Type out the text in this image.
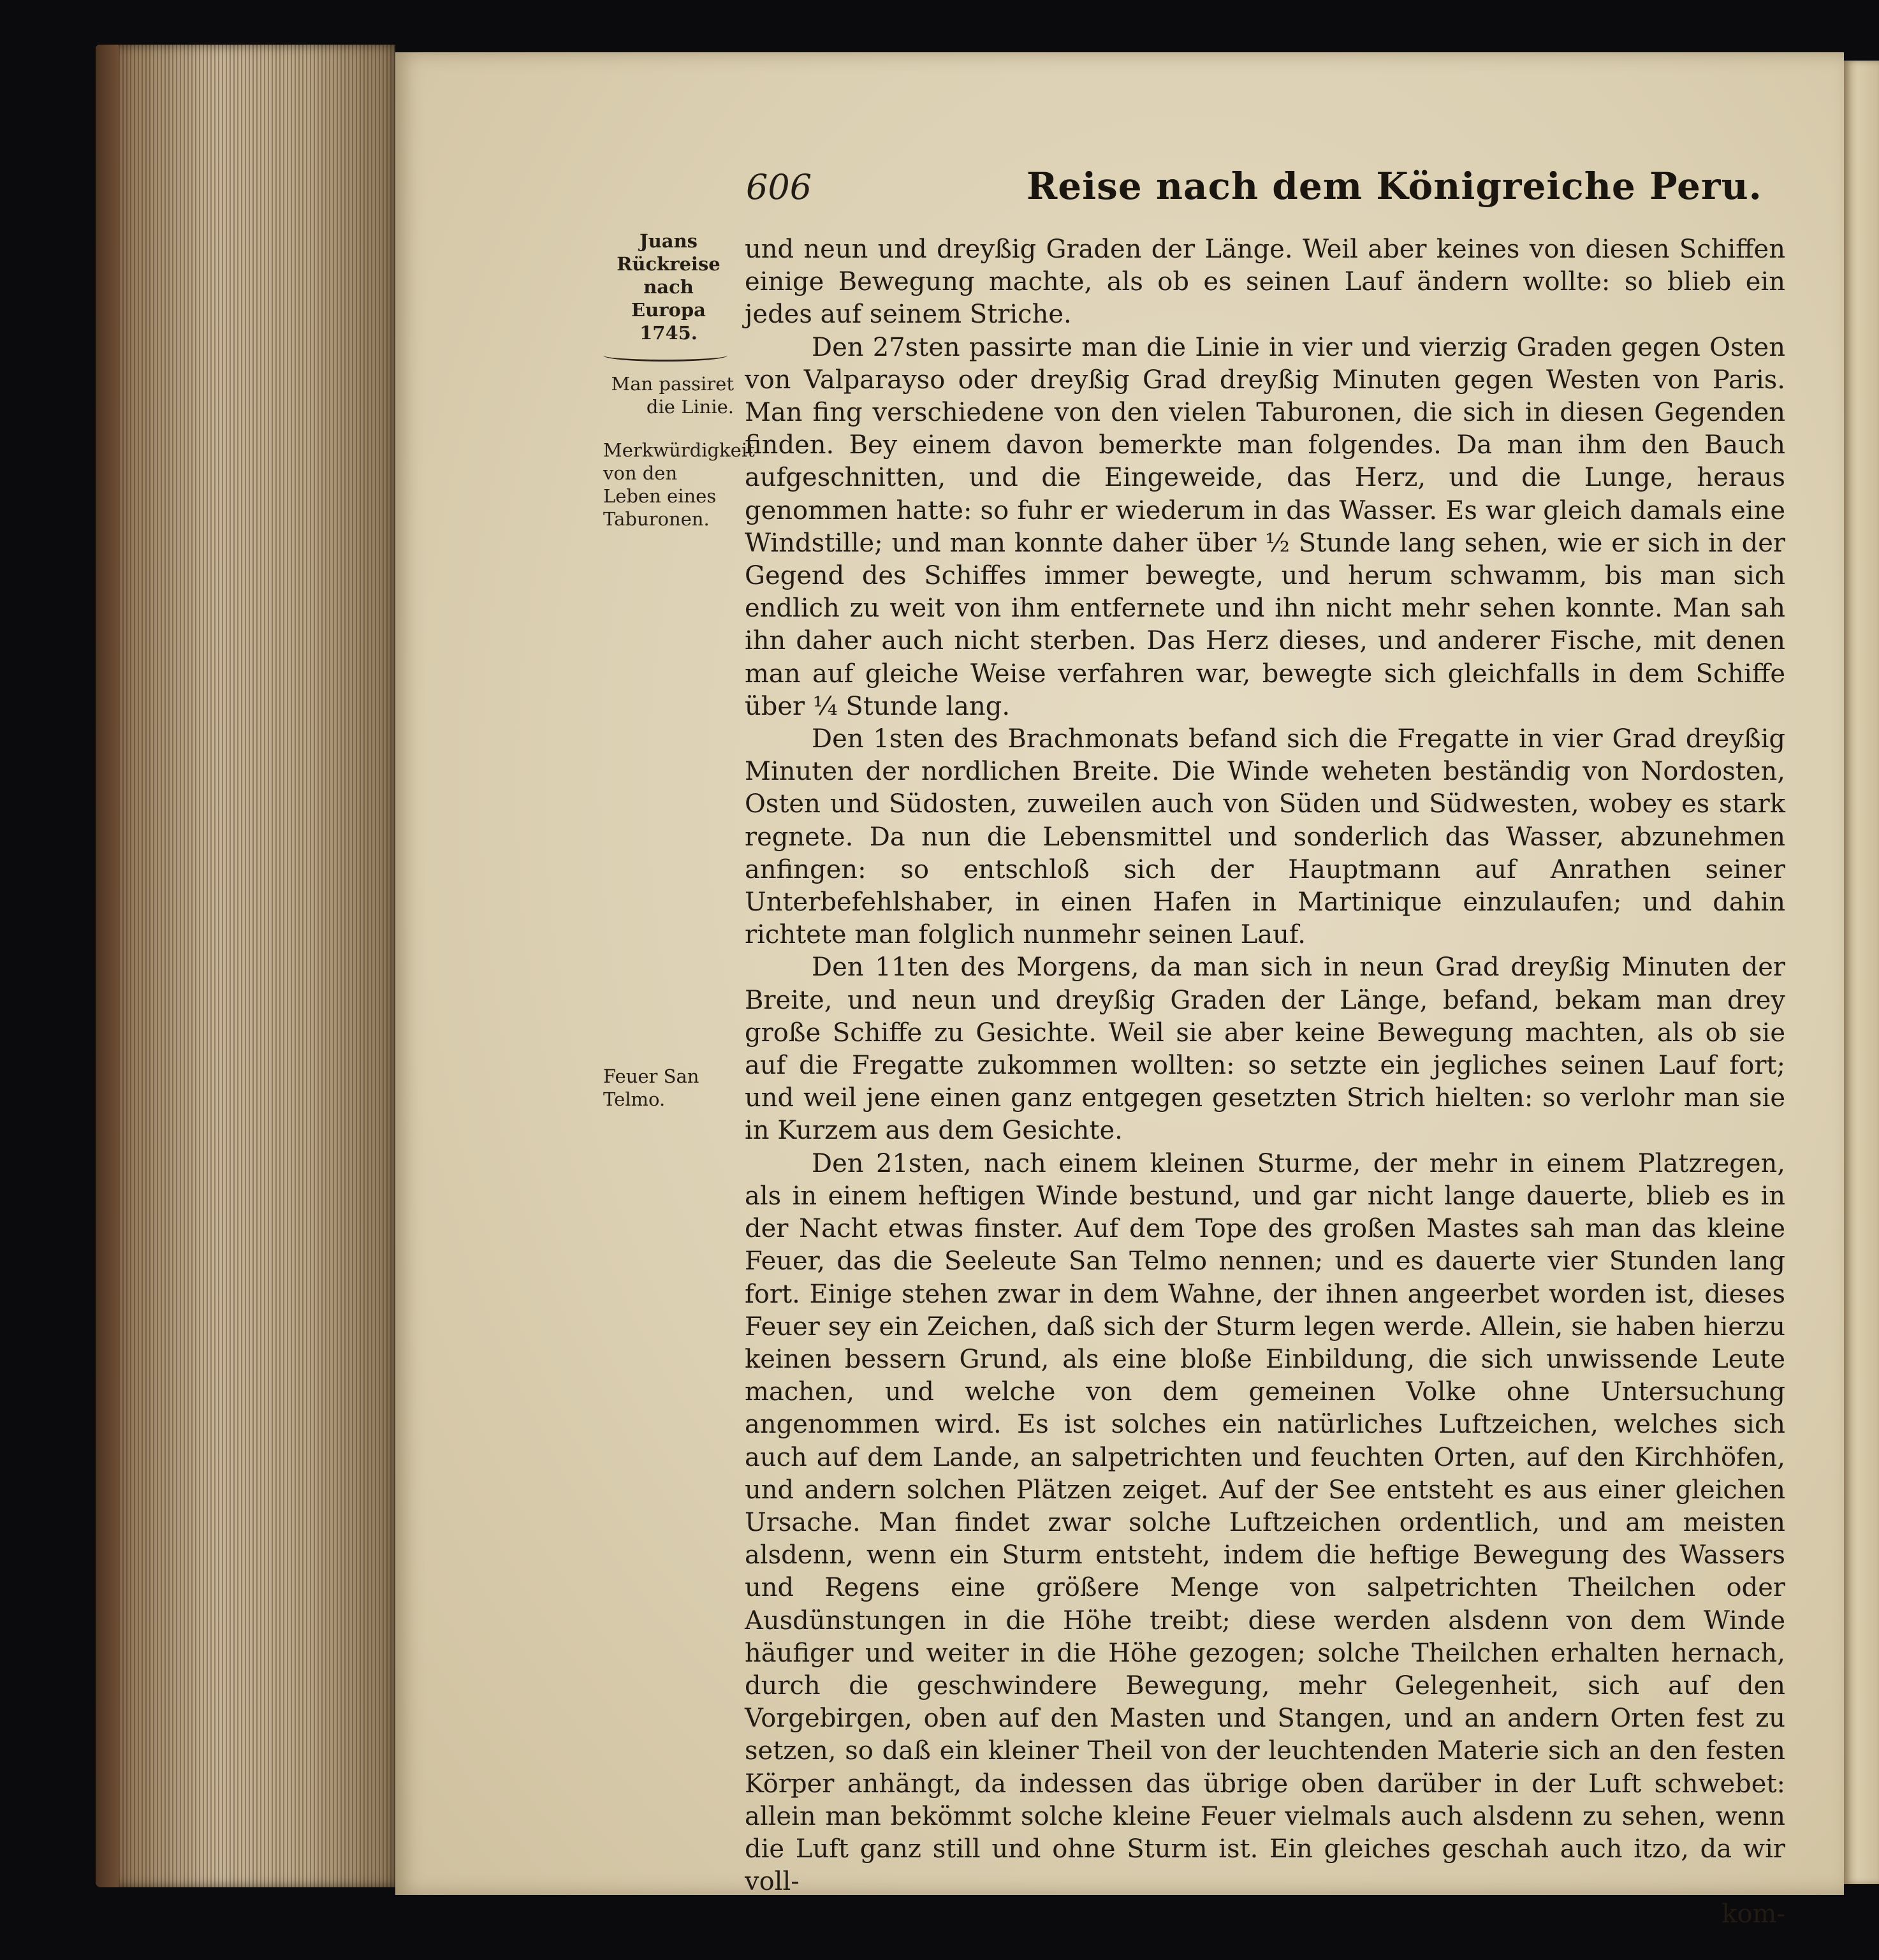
606	Reise nach dem Königreiche Peru.
Juans Rückreise nach Europa 1745.
Man passiret die Linie.
Merkwürdigkeit von den Leben eines Taburonen.
Feuer San Telmo.

und neun und dreyßig Graden der Länge. Weil aber keines von diesen Schiffen einige Bewegung machte, als ob es seinen Lauf ändern wollte: so blieb ein jedes auf seinem Striche.

Den 27sten passirte man die Linie in vier und vierzig Graden gegen Osten von Valparayso oder dreyßig Grad dreyßig Minuten gegen Westen von Paris. Man fing verschiedene von den vielen Taburonen, die sich in diesen Gegenden finden. Bey einem davon bemerkte man folgendes. Da man ihm den Bauch aufgeschnitten, und die Eingeweide, das Herz, und die Lunge, heraus genommen hatte: so fuhr er wiederum in das Wasser. Es war gleich damals eine Windstille; und man konnte daher über ½ Stunde lang sehen, wie er sich in der Gegend des Schiffes immer bewegte, und herum schwamm, bis man sich endlich zu weit von ihm entfernete und ihn nicht mehr sehen konnte. Man sah ihn daher auch nicht sterben. Das Herz dieses, und anderer Fische, mit denen man auf gleiche Weise verfahren war, bewegte sich gleichfalls in dem Schiffe über ¼ Stunde lang.

Den 1sten des Brachmonats befand sich die Fregatte in vier Grad dreyßig Minuten der nordlichen Breite. Die Winde weheten beständig von Nordosten, Osten und Südosten, zuweilen auch von Süden und Südwesten, wobey es stark regnete. Da nun die Lebensmittel und sonderlich das Wasser, abzunehmen anfingen: so entschloß sich der Hauptmann auf Anrathen seiner Unterbefehlshaber, in einen Hafen in Martinique einzulaufen; und dahin richtete man folglich nunmehr seinen Lauf.

Den 11ten des Morgens, da man sich in neun Grad dreyßig Minuten der Breite, und neun und dreyßig Graden der Länge, befand, bekam man drey große Schiffe zu Gesichte. Weil sie aber keine Bewegung machten, als ob sie auf die Fregatte zukommen wollten: so setzte ein jegliches seinen Lauf fort; und weil jene einen ganz entgegen gesetzten Strich hielten: so verlohr man sie in Kurzem aus dem Gesichte.

Den 21sten, nach einem kleinen Sturme, der mehr in einem Platzregen, als in einem heftigen Winde bestund, und gar nicht lange dauerte, blieb es in der Nacht etwas finster. Auf dem Tope des großen Mastes sah man das kleine Feuer, das die Seeleute San Telmo nennen; und es dauerte vier Stunden lang fort. Einige stehen zwar in dem Wahne, der ihnen angeerbet worden ist, dieses Feuer sey ein Zeichen, daß sich der Sturm legen werde. Allein, sie haben hierzu keinen bessern Grund, als eine bloße Einbildung, die sich unwissende Leute machen, und welche von dem gemeinen Volke ohne Untersuchung angenommen wird. Es ist solches ein natürliches Luftzeichen, welches sich auch auf dem Lande, an salpetrichten und feuchten Orten, auf den Kirchhöfen, und andern solchen Plätzen zeiget. Auf der See entsteht es aus einer gleichen Ursache. Man findet zwar solche Luftzeichen ordentlich, und am meisten alsdenn, wenn ein Sturm entsteht, indem die heftige Bewegung des Wassers und Regens eine größere Menge von salpetrichten Theilchen oder Ausdünstungen in die Höhe treibt; diese werden alsdenn von dem Winde häufiger und weiter in die Höhe gezogen; solche Theilchen erhalten hernach, durch die geschwindere Bewegung, mehr Gelegenheit, sich auf den Vorgebirgen, oben auf den Masten und Stangen, und an andern Orten fest zu setzen, so daß ein kleiner Theil von der leuchtenden Materie sich an den festen Körper anhängt, da indessen das übrige oben darüber in der Luft schwebet: allein man bekömmt solche kleine Feuer vielmals auch alsdenn zu sehen, wenn die Luft ganz still und ohne Sturm ist. Ein gleiches geschah auch itzo, da wir voll-

kom-
